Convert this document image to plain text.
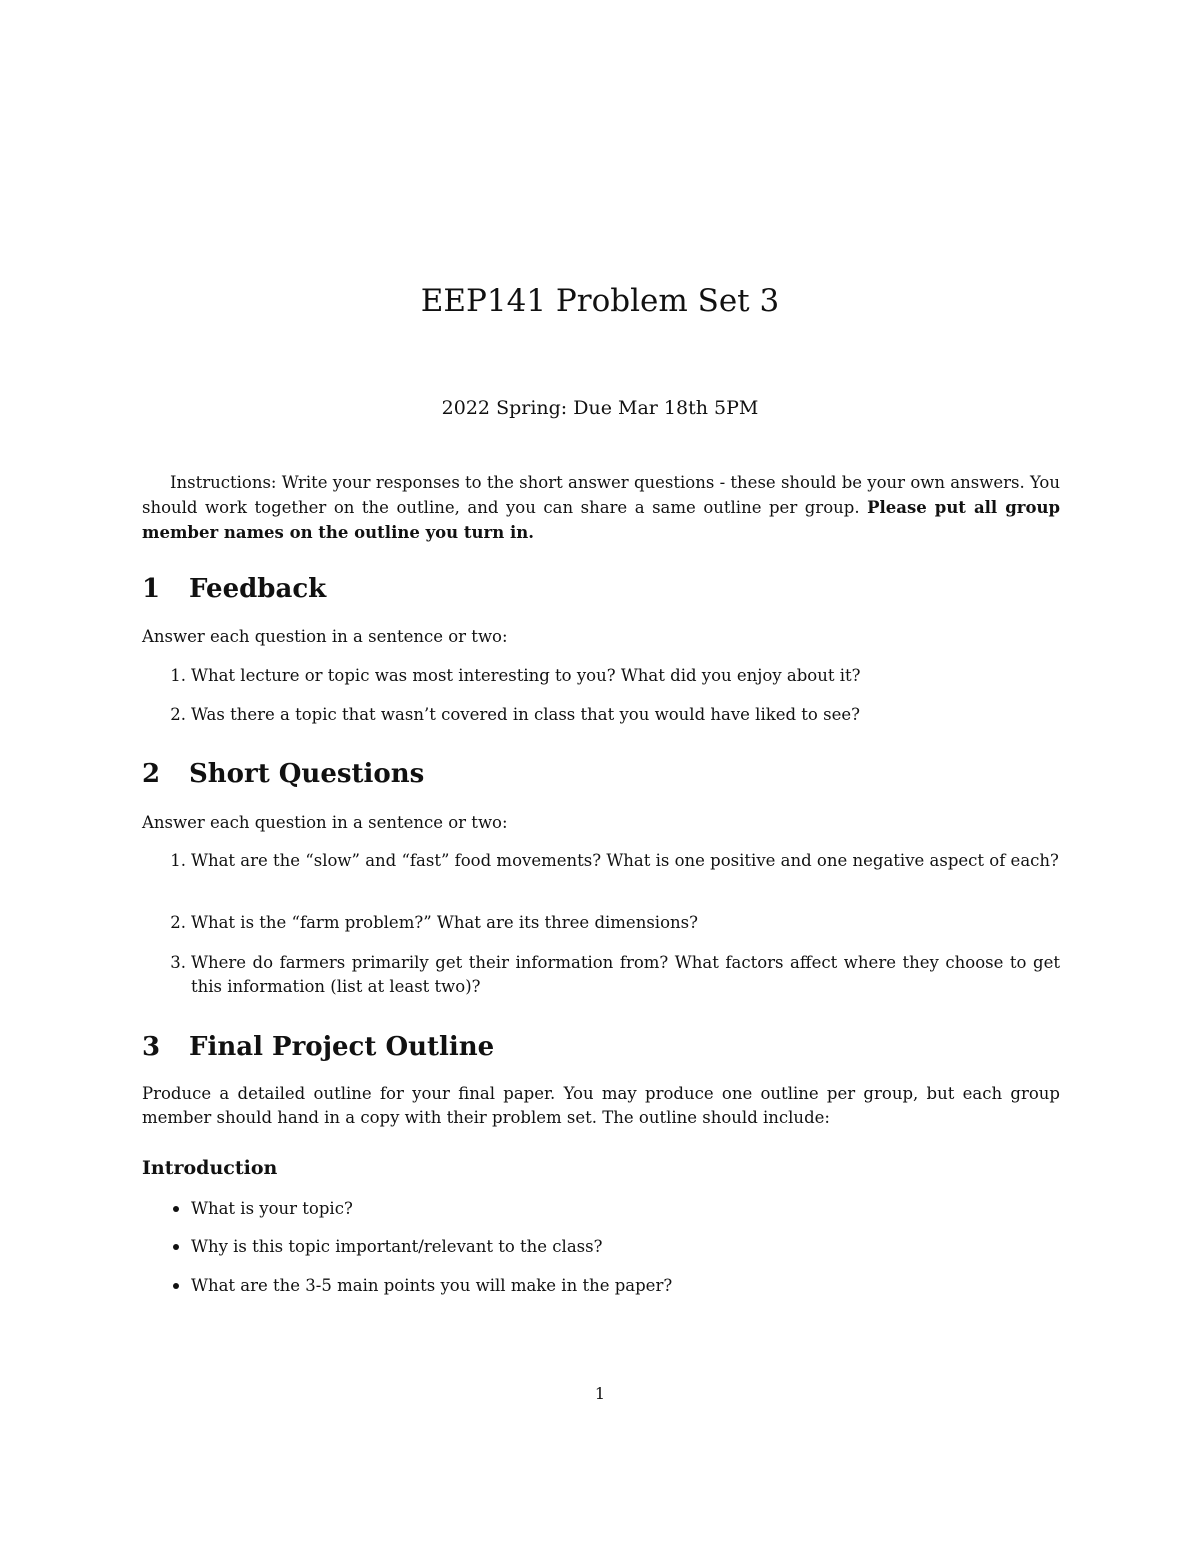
EEP141 Problem Set 3

2022 Spring: Due Mar 18th 5PM

Instructions: Write your responses to the short answer questions - these should be your own answers. You should work together on the outline, and you can share a same outline per group. Please put all group member names on the outline you turn in.

1 Feedback

Answer each question in a sentence or two:

1. What lecture or topic was most interesting to you? What did you enjoy about it?
2. Was there a topic that wasn’t covered in class that you would have liked to see?
2 Short Questions

Answer each question in a sentence or two:

1. What are the “slow” and “fast” food movements? What is one positive and one negative aspect of each?
2. What is the “farm problem?” What are its three dimensions?
3. Where do farmers primarily get their information from? What factors affect where they choose to get this information (list at least two)?
3 Final Project Outline

Produce a detailed outline for your final paper. You may produce one outline per group, but each group member should hand in a copy with their problem set. The outline should include:

Introduction
What is your topic?
Why is this topic important/relevant to the class?
What are the 3-5 main points you will make in the paper?

1
